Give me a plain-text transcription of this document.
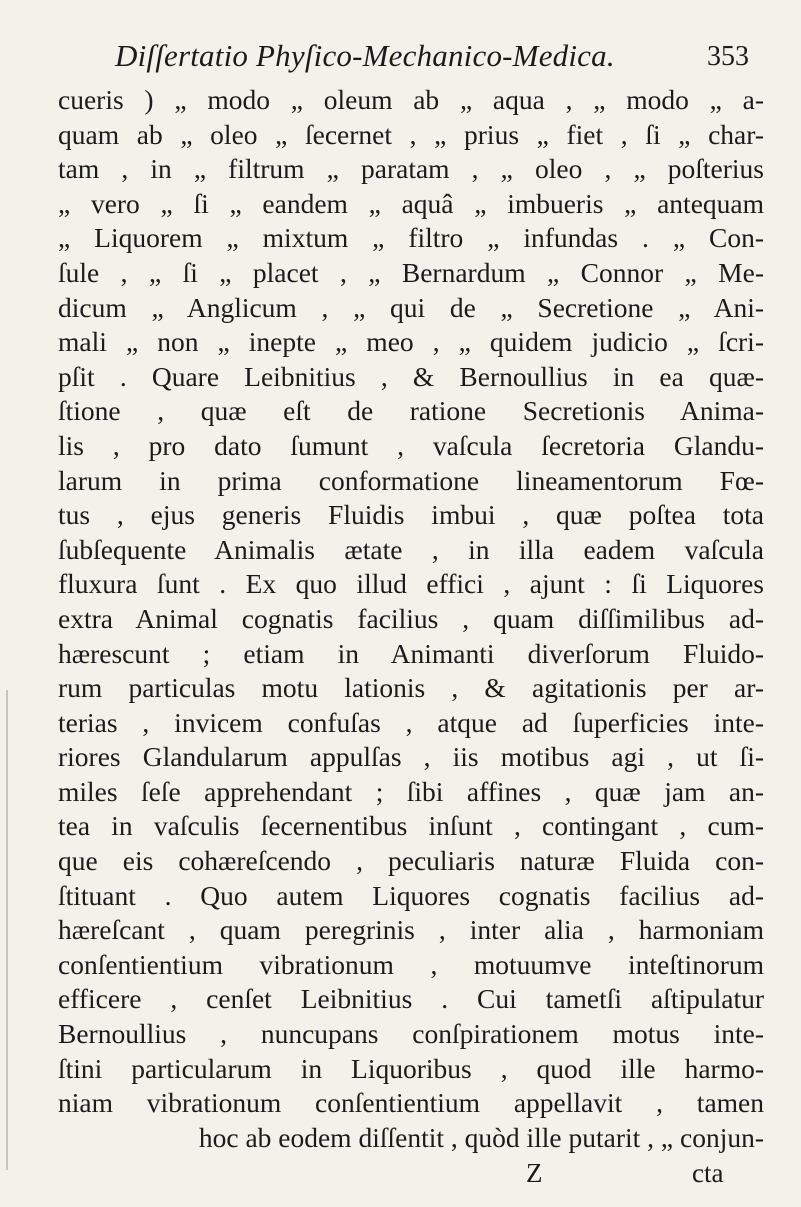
Diſſertatio Phyſico-Mechanico-Medica.	353
cueris ) „ modo „ oleum ab „ aqua , „ modo „ a-
quam ab „ oleo „ ſecernet , „ prius „ fiet , ſi „ char-
tam , in „ filtrum „ paratam , „ oleo , „ poſterius
„ vero „ ſi „ eandem „ aquâ „ imbueris „ antequam
„ Liquorem „ mixtum „ filtro „ infundas . „ Con-
ſule , „ ſi „ placet , „ Bernardum „ Connor „ Me-
dicum „ Anglicum , „ qui de „ Secretione „ Ani-
mali „ non „ inepte „ meo , „ quidem judicio „ ſcri-
pſit . Quare Leibnitius , & Bernoullius in ea quæ-
ſtione , quæ eſt de ratione Secretionis Anima-
lis , pro dato ſumunt , vaſcula ſecretoria Glandu-
larum in prima conformatione lineamentorum Fœ-
tus , ejus generis Fluidis imbui , quæ poſtea tota
ſubſequente Animalis ætate , in illa eadem vaſcula
fluxura ſunt . Ex quo illud effici , ajunt : ſi Liquores
extra Animal cognatis facilius , quam diſſimilibus ad-
hærescunt ; etiam in Animanti diverſorum Fluido-
rum particulas motu lationis , & agitationis per ar-
terias , invicem confuſas , atque ad ſuperficies inte-
riores Glandularum appulſas , iis motibus agi , ut ſi-
miles ſeſe apprehendant ; ſibi affines , quæ jam an-
tea in vaſculis ſecernentibus inſunt , contingant , cum-
que eis cohæreſcendo , peculiaris naturæ Fluida con-
ſtituant . Quo autem Liquores cognatis facilius ad-
hæreſcant , quam peregrinis , inter alia , harmoniam
conſentientium vibrationum , motuumve inteſtinorum
efficere , cenſet Leibnitius . Cui tametſi aſtipulatur
Bernoullius , nuncupans conſpirationem motus inte-
ſtini particularum in Liquoribus , quod ille harmo-
niam vibrationum conſentientium appellavit , tamen
hoc ab eodem diſſentit , quòd ille putarit , „ conjun-
Z	cta
